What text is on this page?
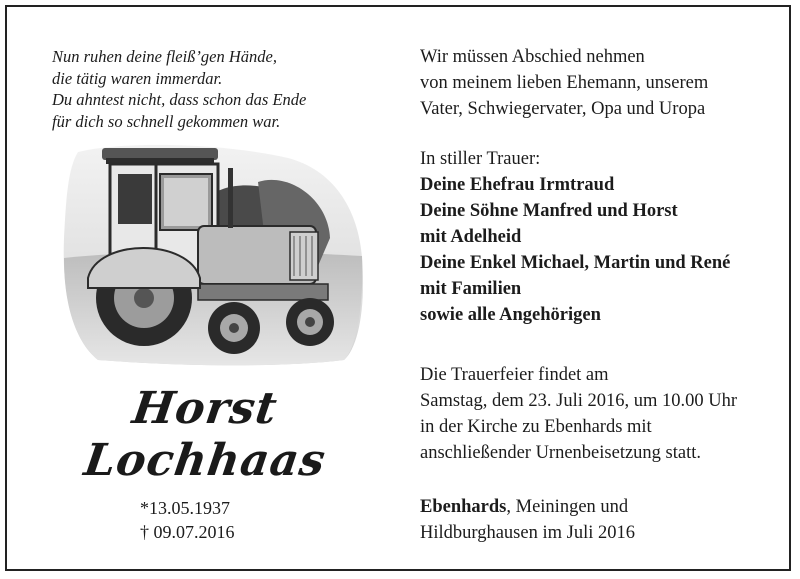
Nun ruhen deine fleiß’gen Hände,
die tätig waren immerdar.
Du ahntest nicht, dass schon das Ende
für dich so schnell gekommen war.
Horst
Lochhaas
*13.05.1937
† 09.07.2016
Wir müssen Abschied nehmen
von meinem lieben Ehemann, unserem
Vater, Schwiegervater, Opa und Uropa
In stiller Trauer:
Deine Ehefrau Irmtraud
Deine Söhne Manfred und Horst
mit Adelheid
Deine Enkel Michael, Martin und René
mit Familien
sowie alle Angehörigen
Die Trauerfeier findet am
Samstag, dem 23. Juli 2016, um 10.00 Uhr
in der Kirche zu Ebenhards mit
anschließender Urnenbeisetzung statt.
Ebenhards, Meiningen und
Hildburghausen im Juli 2016
